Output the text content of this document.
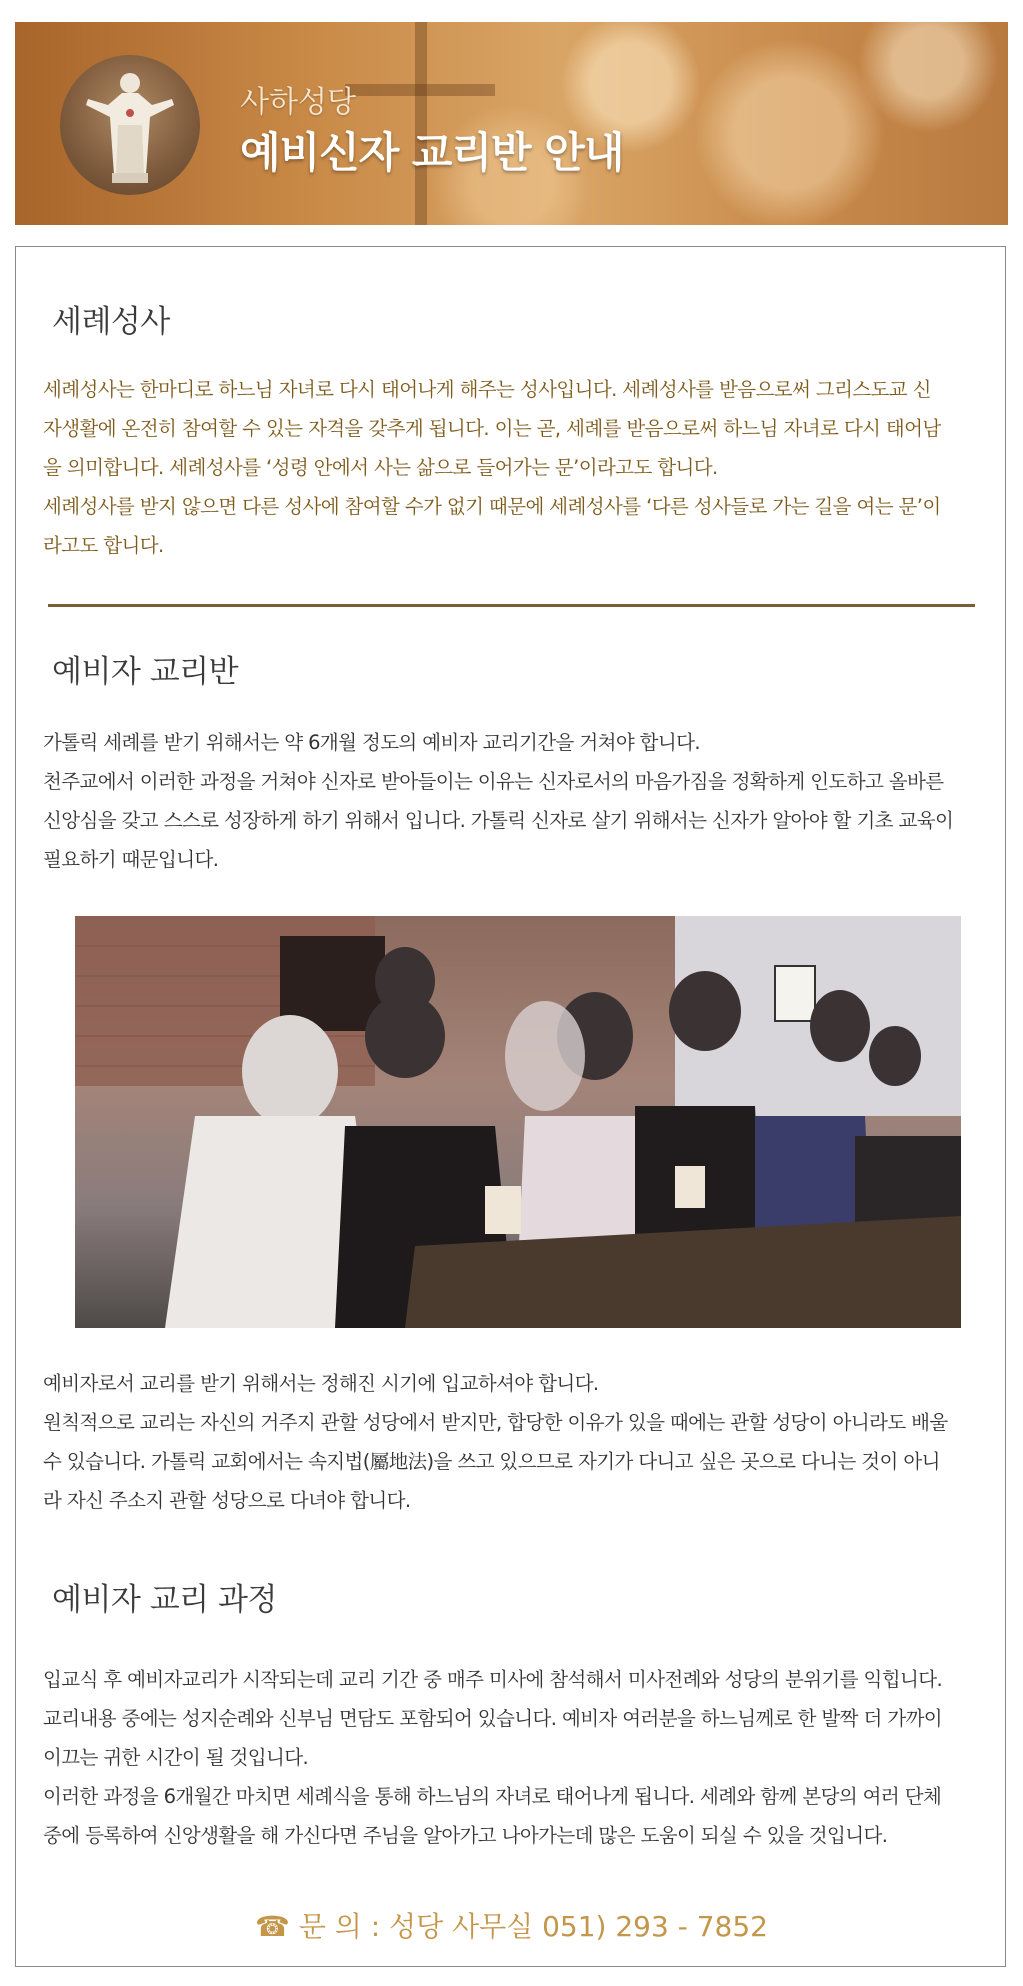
사하성당
예비신자 교리반 안내
세례성사
세례성사는 한마디로 하느님 자녀로 다시 태어나게 해주는 성사입니다. 세례성사를 받음으로써 그리스도교 신
자생활에 온전히 참여할 수 있는 자격을 갖추게 됩니다. 이는 곧, 세례를 받음으로써 하느님 자녀로 다시 태어남
을 의미합니다. 세례성사를 ‘성령 안에서 사는 삶으로 들어가는 문’이라고도 합니다.
세례성사를 받지 않으면 다른 성사에 참여할 수가 없기 때문에 세례성사를 ‘다른 성사들로 가는 길을 여는 문’이
라고도 합니다.
예비자 교리반
가톨릭 세례를 받기 위해서는 약 6개월 정도의 예비자 교리기간을 거쳐야 합니다.
천주교에서 이러한 과정을 거쳐야 신자로 받아들이는 이유는 신자로서의 마음가짐을 정확하게 인도하고 올바른
신앙심을 갖고 스스로 성장하게 하기 위해서 입니다. 가톨릭 신자로 살기 위해서는 신자가 알아야 할 기초 교육이
필요하기 때문입니다.
예비자로서 교리를 받기 위해서는 정해진 시기에 입교하셔야 합니다.
원칙적으로 교리는 자신의 거주지 관할 성당에서 받지만, 합당한 이유가 있을 때에는 관할 성당이 아니라도 배울
수 있습니다. 가톨릭 교회에서는 속지법(屬地法)을 쓰고 있으므로 자기가 다니고 싶은 곳으로 다니는 것이 아니
라 자신 주소지 관할 성당으로 다녀야 합니다.
예비자 교리 과정
입교식 후 예비자교리가 시작되는데 교리 기간 중 매주 미사에 참석해서 미사전례와 성당의 분위기를 익힙니다.
교리내용 중에는 성지순례와 신부님 면담도 포함되어 있습니다. 예비자 여러분을 하느님께로 한 발짝 더 가까이
이끄는 귀한 시간이 될 것입니다.
이러한 과정을 6개월간 마치면 세례식을 통해 하느님의 자녀로 태어나게 됩니다. 세례와 함께 본당의 여러 단체
중에 등록하여 신앙생활을 해 가신다면 주님을 알아가고 나아가는데 많은 도움이 되실 수 있을 것입니다.
☎ 문 의 : 성당 사무실 051) 293 - 7852
